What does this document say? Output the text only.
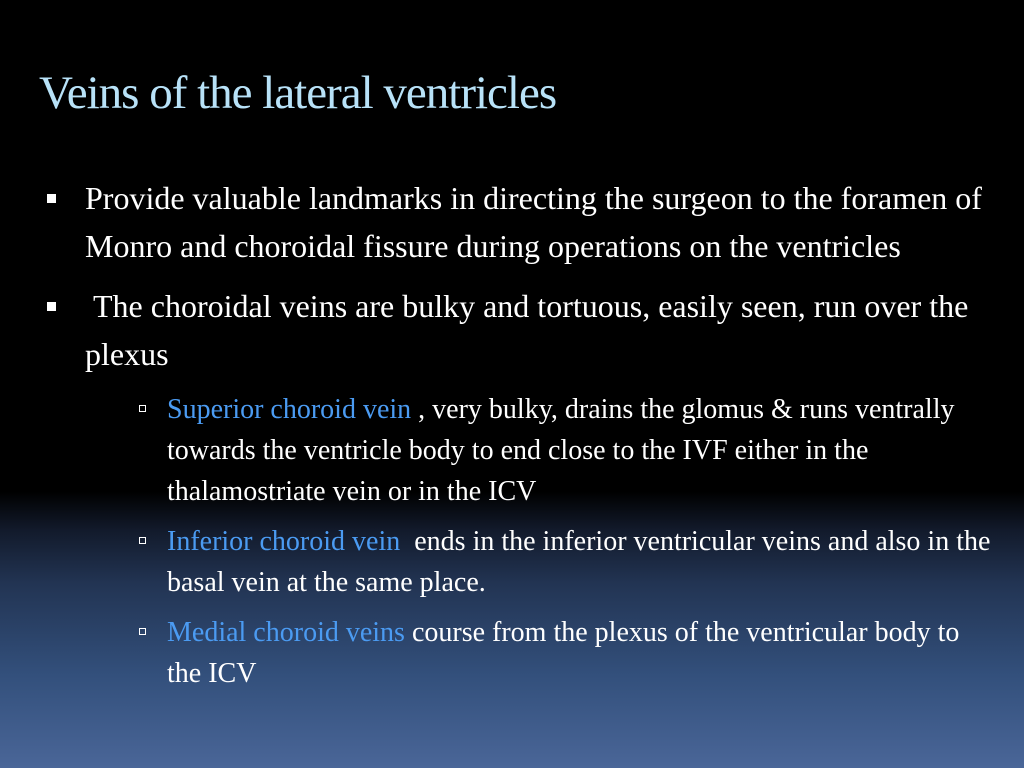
Veins of the lateral ventricles
Provide valuable landmarks in directing the surgeon to the foramen of Monro and choroidal fissure during operations on the ventricles
The choroidal veins are bulky and tortuous, easily seen, run over the plexus
Superior choroid vein , very bulky, drains the glomus & runs ventrally towards the ventricle body to end close to the IVF either in the thalamostriate vein or in the ICV
Inferior choroid vein  ends in the inferior ventricular veins and also in the basal vein at the same place.
Medial choroid veins course from the plexus of the ventricular body to the ICV
